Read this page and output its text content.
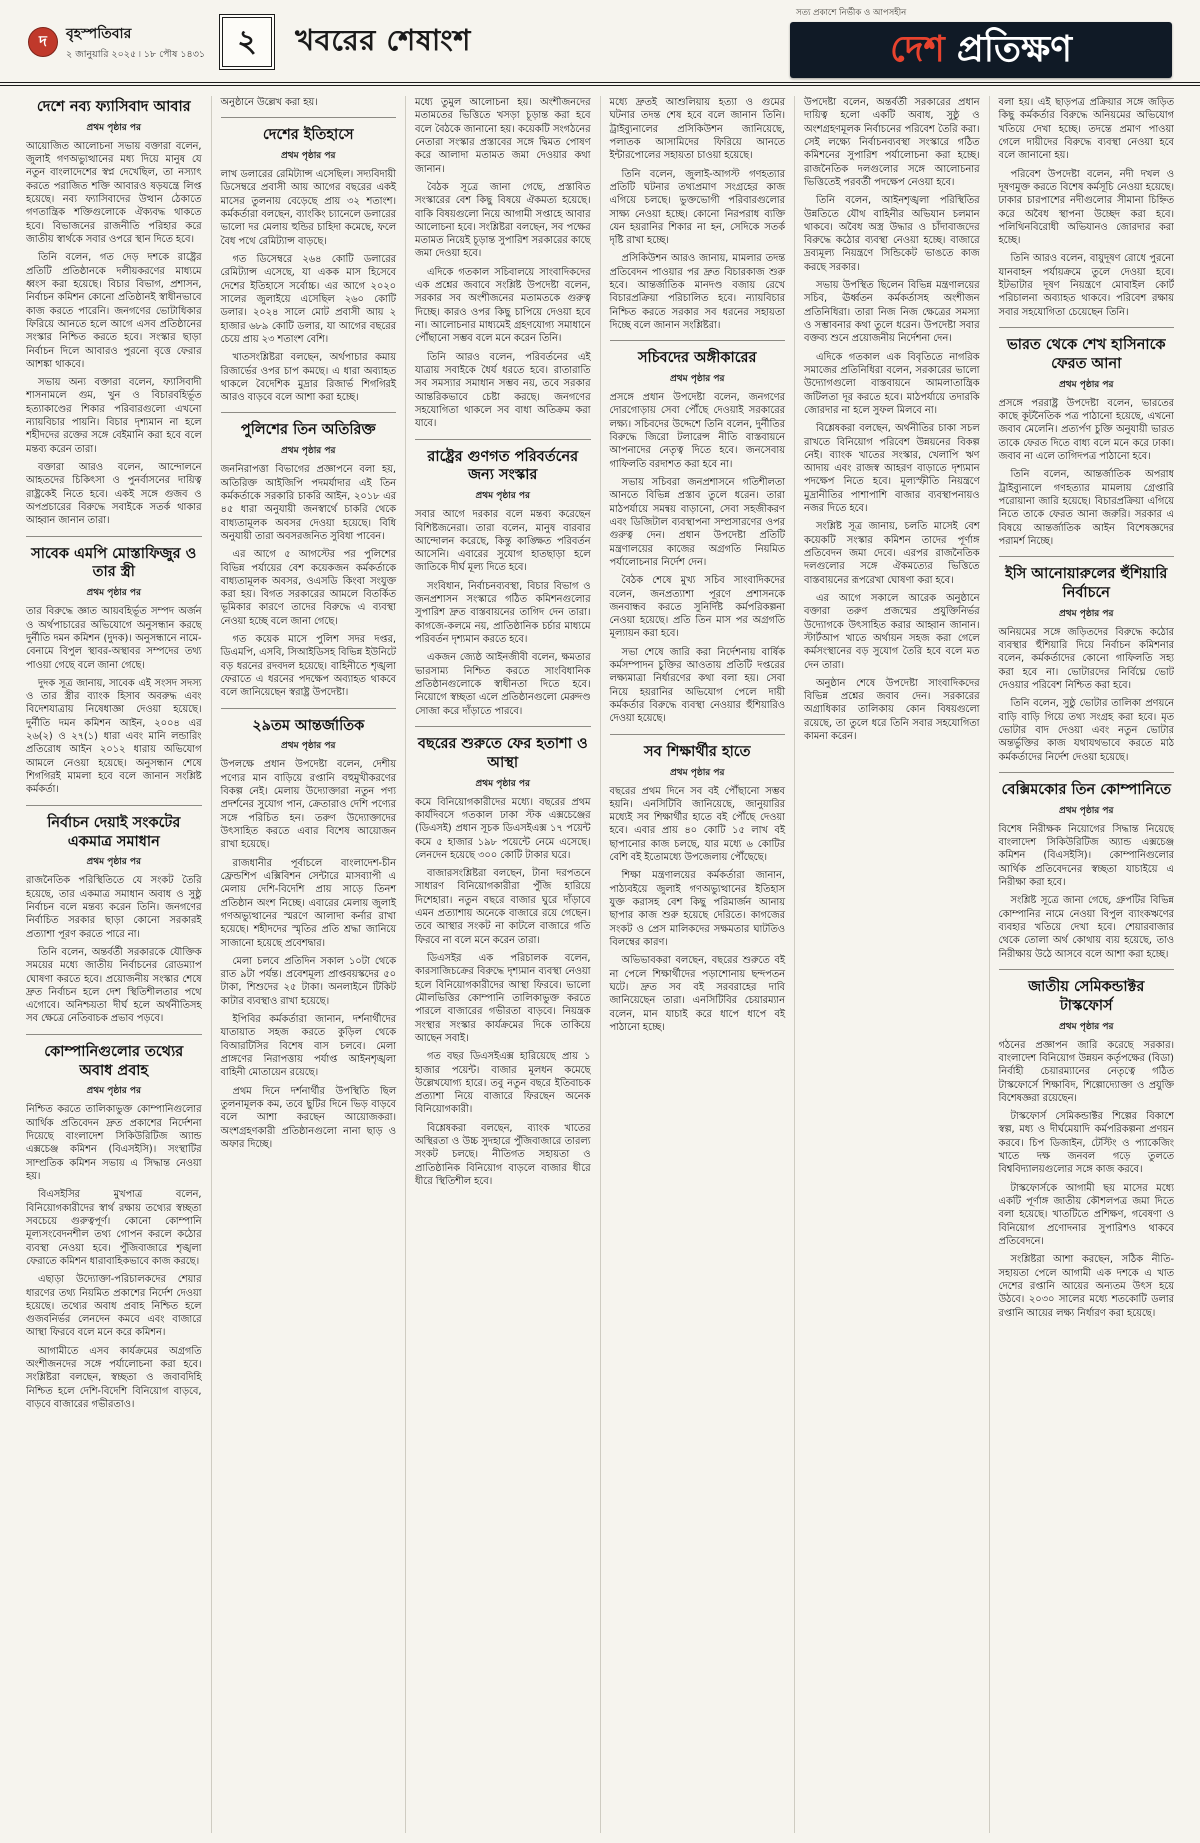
দ বৃহস্পতিবার
২ জানুয়ারি ২০২৫ ৷ ১৮ পৌষ ১৪৩১ ২ খবরের শেষাংশ
সত্য প্রকাশে নির্ভীক ও আপসহীন
দেশ প্রতিক্ষণ
দেশে নব্য ফ্যাসিবাদ আবার
প্রথম পৃষ্ঠার পর

আয়োজিত আলোচনা সভায় বক্তারা বলেন, জুলাই গণঅভ্যুত্থানের মধ্য দিয়ে মানুষ যে নতুন বাংলাদেশের স্বপ্ন দেখেছিল, তা নস্যাৎ করতে পরাজিত শক্তি আবারও ষড়যন্ত্রে লিপ্ত হয়েছে। নব্য ফ্যাসিবাদের উত্থান ঠেকাতে গণতান্ত্রিক শক্তিগুলোকে ঐক্যবদ্ধ থাকতে হবে। বিভাজনের রাজনীতি পরিহার করে জাতীয় স্বার্থকে সবার ওপরে স্থান দিতে হবে।

তিনি বলেন, গত দেড় দশকে রাষ্ট্রের প্রতিটি প্রতিষ্ঠানকে দলীয়করণের মাধ্যমে ধ্বংস করা হয়েছে। বিচার বিভাগ, প্রশাসন, নির্বাচন কমিশন কোনো প্রতিষ্ঠানই স্বাধীনভাবে কাজ করতে পারেনি। জনগণের ভোটাধিকার ফিরিয়ে আনতে হলে আগে এসব প্রতিষ্ঠানের সংস্কার নিশ্চিত করতে হবে। সংস্কার ছাড়া নির্বাচন দিলে আবারও পুরনো বৃত্তে ফেরার আশঙ্কা থাকবে।

সভায় অন্য বক্তারা বলেন, ফ্যাসিবাদী শাসনামলে গুম, খুন ও বিচারবহির্ভূত হত্যাকাণ্ডের শিকার পরিবারগুলো এখনো ন্যায়বিচার পায়নি। বিচার দৃশ্যমান না হলে শহীদদের রক্তের সঙ্গে বেইমানি করা হবে বলে মন্তব্য করেন তারা।

বক্তারা আরও বলেন, আন্দোলনে আহতদের চিকিৎসা ও পুনর্বাসনের দায়িত্ব রাষ্ট্রকেই নিতে হবে। একই সঙ্গে গুজব ও অপপ্রচারের বিরুদ্ধে সবাইকে সতর্ক থাকার আহ্বান জানান তারা।

সাবেক এমপি মোস্তাফিজুর ও তার স্ত্রী
প্রথম পৃষ্ঠার পর

তার বিরুদ্ধে জ্ঞাত আয়বহির্ভূত সম্পদ অর্জন ও অর্থপাচারের অভিযোগে অনুসন্ধান করছে দুর্নীতি দমন কমিশন (দুদক)। অনুসন্ধানে নামে-বেনামে বিপুল স্থাবর-অস্থাবর সম্পদের তথ্য পাওয়া গেছে বলে জানা গেছে।

দুদক সূত্র জানায়, সাবেক এই সংসদ সদস্য ও তার স্ত্রীর ব্যাংক হিসাব অবরুদ্ধ এবং বিদেশযাত্রায় নিষেধাজ্ঞা দেওয়া হয়েছে। দুর্নীতি দমন কমিশন আইন, ২০০৪ এর ২৬(২) ও ২৭(১) ধারা এবং মানি লন্ডারিং প্রতিরোধ আইন ২০১২ ধারায় অভিযোগ আমলে নেওয়া হয়েছে। অনুসন্ধান শেষে শিগগিরই মামলা হবে বলে জানান সংশ্লিষ্ট কর্মকর্তা।

নির্বাচন দেয়াই সংকটের একমাত্র সমাধান
প্রথম পৃষ্ঠার পর

রাজনৈতিক পরিস্থিতিতে যে সংকট তৈরি হয়েছে, তার একমাত্র সমাধান অবাধ ও সুষ্ঠু নির্বাচন বলে মন্তব্য করেন তিনি। জনগণের নির্বাচিত সরকার ছাড়া কোনো সরকারই প্রত্যাশা পূরণ করতে পারে না।

তিনি বলেন, অন্তর্বর্তী সরকারকে যৌক্তিক সময়ের মধ্যে জাতীয় নির্বাচনের রোডম্যাপ ঘোষণা করতে হবে। প্রয়োজনীয় সংস্কার শেষে দ্রুত নির্বাচন হলে দেশ স্থিতিশীলতার পথে এগোবে। অনিশ্চয়তা দীর্ঘ হলে অর্থনীতিসহ সব ক্ষেত্রে নেতিবাচক প্রভাব পড়বে।

কোম্পানিগুলোর তথ্যের অবাধ প্রবাহ
প্রথম পৃষ্ঠার পর

নিশ্চিত করতে তালিকাভুক্ত কোম্পানিগুলোর আর্থিক প্রতিবেদন দ্রুত প্রকাশের নির্দেশনা দিয়েছে বাংলাদেশ সিকিউরিটিজ অ্যান্ড এক্সচেঞ্জ কমিশন (বিএসইসি)। সংস্থাটির সাম্প্রতিক কমিশন সভায় এ সিদ্ধান্ত নেওয়া হয়।

বিএসইসির মুখপাত্র বলেন, বিনিয়োগকারীদের স্বার্থ রক্ষায় তথ্যের স্বচ্ছতা সবচেয়ে গুরুত্বপূর্ণ। কোনো কোম্পানি মূল্যসংবেদনশীল তথ্য গোপন করলে কঠোর ব্যবস্থা নেওয়া হবে। পুঁজিবাজারে শৃঙ্খলা ফেরাতে কমিশন ধারাবাহিকভাবে কাজ করছে।

এছাড়া উদ্যোক্তা-পরিচালকদের শেয়ার ধারণের তথ্য নিয়মিত প্রকাশের নির্দেশ দেওয়া হয়েছে। তথ্যের অবাধ প্রবাহ নিশ্চিত হলে গুজবনির্ভর লেনদেন কমবে এবং বাজারে আস্থা ফিরবে বলে মনে করে কমিশন।

আগামীতে এসব কার্যক্রমের অগ্রগতি অংশীজনদের সঙ্গে পর্যালোচনা করা হবে। সংশ্লিষ্টরা বলছেন, স্বচ্ছতা ও জবাবদিহি নিশ্চিত হলে দেশি-বিদেশি বিনিয়োগ বাড়বে, বাড়বে বাজারের গভীরতাও।

অনুষ্ঠানে উল্লেখ করা হয়।

দেশের ইতিহাসে
প্রথম পৃষ্ঠার পর

লাখ ডলারের রেমিট্যান্স এসেছিল। সদ্যবিদায়ী ডিসেম্বরে প্রবাসী আয় আগের বছরের একই মাসের তুলনায় বেড়েছে প্রায় ৩২ শতাংশ। কর্মকর্তারা বলছেন, ব্যাংকিং চ্যানেলে ডলারের ভালো দর মেলায় হুন্ডির চাহিদা কমেছে, ফলে বৈধ পথে রেমিট্যান্স বাড়ছে।

গত ডিসেম্বরে ২৬৪ কোটি ডলারের রেমিট্যান্স এসেছে, যা একক মাস হিসেবে দেশের ইতিহাসে সর্বোচ্চ। এর আগে ২০২০ সালের জুলাইয়ে এসেছিল ২৬০ কোটি ডলার। ২০২৪ সালে মোট প্রবাসী আয় ২ হাজার ৬৮৯ কোটি ডলার, যা আগের বছরের চেয়ে প্রায় ২৩ শতাংশ বেশি।

খাতসংশ্লিষ্টরা বলছেন, অর্থপাচার কমায় রিজার্ভের ওপর চাপ কমছে। এ ধারা অব্যাহত থাকলে বৈদেশিক মুদ্রার রিজার্ভ শিগগিরই আরও বাড়বে বলে আশা করা হচ্ছে।

পুলিশের তিন অতিরিক্ত
প্রথম পৃষ্ঠার পর

জননিরাপত্তা বিভাগের প্রজ্ঞাপনে বলা হয়, অতিরিক্ত আইজিপি পদমর্যাদার এই তিন কর্মকর্তাকে সরকারি চাকরি আইন, ২০১৮ এর ৪৫ ধারা অনুযায়ী জনস্বার্থে চাকরি থেকে বাধ্যতামূলক অবসর দেওয়া হয়েছে। বিধি অনুযায়ী তারা অবসরজনিত সুবিধা পাবেন।

এর আগে ৫ আগস্টের পর পুলিশের বিভিন্ন পর্যায়ের বেশ কয়েকজন কর্মকর্তাকে বাধ্যতামূলক অবসর, ওএসডি কিংবা সংযুক্ত করা হয়। বিগত সরকারের আমলে বিতর্কিত ভূমিকার কারণে তাদের বিরুদ্ধে এ ব্যবস্থা নেওয়া হচ্ছে বলে জানা গেছে।

গত কয়েক মাসে পুলিশ সদর দপ্তর, ডিএমপি, এসবি, সিআইডিসহ বিভিন্ন ইউনিটে বড় ধরনের রদবদল হয়েছে। বাহিনীতে শৃঙ্খলা ফেরাতে এ ধরনের পদক্ষেপ অব্যাহত থাকবে বলে জানিয়েছেন স্বরাষ্ট্র উপদেষ্টা।

২৯তম আন্তর্জাতিক
প্রথম পৃষ্ঠার পর

উপলক্ষে প্রধান উপদেষ্টা বলেন, দেশীয় পণ্যের মান বাড়িয়ে রপ্তানি বহুমুখীকরণের বিকল্প নেই। মেলায় উদ্যোক্তারা নতুন পণ্য প্রদর্শনের সুযোগ পান, ক্রেতারাও দেশি পণ্যের সঙ্গে পরিচিত হন। তরুণ উদ্যোক্তাদের উৎসাহিত করতে এবার বিশেষ আয়োজন রাখা হয়েছে।

রাজধানীর পূর্বাচলে বাংলাদেশ-চীন ফ্রেন্ডশিপ এক্সিবিশন সেন্টারে মাসব্যাপী এ মেলায় দেশি-বিদেশি প্রায় সাড়ে তিনশ প্রতিষ্ঠান অংশ নিচ্ছে। এবারের মেলায় জুলাই গণঅভ্যুত্থানের স্মরণে আলাদা কর্নার রাখা হয়েছে। শহীদদের স্মৃতির প্রতি শ্রদ্ধা জানিয়ে সাজানো হয়েছে প্রবেশদ্বার।

মেলা চলবে প্রতিদিন সকাল ১০টা থেকে রাত ৯টা পর্যন্ত। প্রবেশমূল্য প্রাপ্তবয়স্কদের ৫০ টাকা, শিশুদের ২৫ টাকা। অনলাইনে টিকিট কাটার ব্যবস্থাও রাখা হয়েছে।

ইপিবির কর্মকর্তারা জানান, দর্শনার্থীদের যাতায়াত সহজ করতে কুড়িল থেকে বিআরটিসির বিশেষ বাস চলবে। মেলা প্রাঙ্গণের নিরাপত্তায় পর্যাপ্ত আইনশৃঙ্খলা বাহিনী মোতায়েন রয়েছে।

প্রথম দিনে দর্শনার্থীর উপস্থিতি ছিল তুলনামূলক কম, তবে ছুটির দিনে ভিড় বাড়বে বলে আশা করছেন আয়োজকরা। অংশগ্রহণকারী প্রতিষ্ঠানগুলো নানা ছাড় ও অফার দিচ্ছে।

মধ্যে তুমুল আলোচনা হয়। অংশীজনদের মতামতের ভিত্তিতে খসড়া চূড়ান্ত করা হবে বলে বৈঠকে জানানো হয়। কয়েকটি সংগঠনের নেতারা সংস্কার প্রস্তাবের সঙ্গে দ্বিমত পোষণ করে আলাদা মতামত জমা দেওয়ার কথা জানান।

বৈঠক সূত্রে জানা গেছে, প্রস্তাবিত সংস্কারের বেশ কিছু বিষয়ে ঐকমত্য হয়েছে। বাকি বিষয়গুলো নিয়ে আগামী সপ্তাহে আবার আলোচনা হবে। সংশ্লিষ্টরা বলছেন, সব পক্ষের মতামত নিয়েই চূড়ান্ত সুপারিশ সরকারের কাছে জমা দেওয়া হবে।

এদিকে গতকাল সচিবালয়ে সাংবাদিকদের এক প্রশ্নের জবাবে সংশ্লিষ্ট উপদেষ্টা বলেন, সরকার সব অংশীজনের মতামতকে গুরুত্ব দিচ্ছে। কারও ওপর কিছু চাপিয়ে দেওয়া হবে না। আলোচনার মাধ্যমেই গ্রহণযোগ্য সমাধানে পৌঁছানো সম্ভব বলে মনে করেন তিনি।

তিনি আরও বলেন, পরিবর্তনের এই যাত্রায় সবাইকে ধৈর্য ধরতে হবে। রাতারাতি সব সমস্যার সমাধান সম্ভব নয়, তবে সরকার আন্তরিকভাবে চেষ্টা করছে। জনগণের সহযোগিতা থাকলে সব বাধা অতিক্রম করা যাবে।

রাষ্ট্রের গুণগত পরিবর্তনের জন্য সংস্কার
প্রথম পৃষ্ঠার পর

সবার আগে দরকার বলে মন্তব্য করেছেন বিশিষ্টজনেরা। তারা বলেন, মানুষ বারবার আন্দোলন করেছে, কিন্তু কাঙ্ক্ষিত পরিবর্তন আসেনি। এবারের সুযোগ হাতছাড়া হলে জাতিকে দীর্ঘ মূল্য দিতে হবে।

সংবিধান, নির্বাচনব্যবস্থা, বিচার বিভাগ ও জনপ্রশাসন সংস্কারে গঠিত কমিশনগুলোর সুপারিশ দ্রুত বাস্তবায়নের তাগিদ দেন তারা। কাগজে-কলমে নয়, প্রাতিষ্ঠানিক চর্চার মাধ্যমে পরিবর্তন দৃশ্যমান করতে হবে।

একজন জ্যেষ্ঠ আইনজীবী বলেন, ক্ষমতার ভারসাম্য নিশ্চিত করতে সাংবিধানিক প্রতিষ্ঠানগুলোকে স্বাধীনতা দিতে হবে। নিয়োগে স্বচ্ছতা এলে প্রতিষ্ঠানগুলো মেরুদণ্ড সোজা করে দাঁড়াতে পারবে।

বছরের শুরুতে ফের হতাশা ও আস্থা
প্রথম পৃষ্ঠার পর

কমে বিনিয়োগকারীদের মধ্যে। বছরের প্রথম কার্যদিবসে গতকাল ঢাকা স্টক এক্সচেঞ্জের (ডিএসই) প্রধান সূচক ডিএসইএক্স ১৭ পয়েন্ট কমে ৫ হাজার ১৯৮ পয়েন্টে নেমে এসেছে। লেনদেন হয়েছে ৩০০ কোটি টাকার ঘরে।

বাজারসংশ্লিষ্টরা বলছেন, টানা দরপতনে সাধারণ বিনিয়োগকারীরা পুঁজি হারিয়ে দিশেহারা। নতুন বছরে বাজার ঘুরে দাঁড়াবে এমন প্রত্যাশায় অনেকে বাজারে রয়ে গেছেন। তবে আস্থার সংকট না কাটলে বাজারে গতি ফিরবে না বলে মনে করেন তারা।

ডিএসইর এক পরিচালক বলেন, কারসাজিচক্রের বিরুদ্ধে দৃশ্যমান ব্যবস্থা নেওয়া হলে বিনিয়োগকারীদের আস্থা ফিরবে। ভালো মৌলভিত্তির কোম্পানি তালিকাভুক্ত করতে পারলে বাজারের গভীরতা বাড়বে। নিয়ন্ত্রক সংস্থার সংস্কার কার্যক্রমের দিকে তাকিয়ে আছেন সবাই।

গত বছর ডিএসইএক্স হারিয়েছে প্রায় ১ হাজার পয়েন্ট। বাজার মূলধন কমেছে উল্লেখযোগ্য হারে। তবু নতুন বছরে ইতিবাচক প্রত্যাশা নিয়ে বাজারে ফিরছেন অনেক বিনিয়োগকারী।

বিশ্লেষকরা বলছেন, ব্যাংক খাতের অস্থিরতা ও উচ্চ সুদহারে পুঁজিবাজারে তারল্য সংকট চলছে। নীতিগত সহায়তা ও প্রাতিষ্ঠানিক বিনিয়োগ বাড়লে বাজার ধীরে ধীরে স্থিতিশীল হবে।

মধ্যে দ্রুতই আশুলিয়ায় হত্যা ও গুমের ঘটনার তদন্ত শেষ হবে বলে জানান তিনি। ট্রাইব্যুনালের প্রসিকিউশন জানিয়েছে, পলাতক আসামিদের ফিরিয়ে আনতে ইন্টারপোলের সহায়তা চাওয়া হয়েছে।

তিনি বলেন, জুলাই-আগস্ট গণহত্যার প্রতিটি ঘটনার তথ্যপ্রমাণ সংগ্রহের কাজ এগিয়ে চলছে। ভুক্তভোগী পরিবারগুলোর সাক্ষ্য নেওয়া হচ্ছে। কোনো নিরপরাধ ব্যক্তি যেন হয়রানির শিকার না হন, সেদিকে সতর্ক দৃষ্টি রাখা হচ্ছে।

প্রসিকিউশন আরও জানায়, মামলার তদন্ত প্রতিবেদন পাওয়ার পর দ্রুত বিচারকাজ শুরু হবে। আন্তর্জাতিক মানদণ্ড বজায় রেখে বিচারপ্রক্রিয়া পরিচালিত হবে। ন্যায়বিচার নিশ্চিত করতে সরকার সব ধরনের সহায়তা দিচ্ছে বলে জানান সংশ্লিষ্টরা।

সচিবদের অঙ্গীকারের
প্রথম পৃষ্ঠার পর

প্রসঙ্গে প্রধান উপদেষ্টা বলেন, জনগণের দোরগোড়ায় সেবা পৌঁছে দেওয়াই সরকারের লক্ষ্য। সচিবদের উদ্দেশে তিনি বলেন, দুর্নীতির বিরুদ্ধে জিরো টলারেন্স নীতি বাস্তবায়নে আপনাদের নেতৃত্ব দিতে হবে। জনসেবায় গাফিলতি বরদাশত করা হবে না।

সভায় সচিবরা জনপ্রশাসনে গতিশীলতা আনতে বিভিন্ন প্রস্তাব তুলে ধরেন। তারা মাঠপর্যায়ে সমন্বয় বাড়ানো, সেবা সহজীকরণ এবং ডিজিটাল ব্যবস্থাপনা সম্প্রসারণের ওপর গুরুত্ব দেন। প্রধান উপদেষ্টা প্রতিটি মন্ত্রণালয়ের কাজের অগ্রগতি নিয়মিত পর্যালোচনার নির্দেশ দেন।

বৈঠক শেষে মুখ্য সচিব সাংবাদিকদের বলেন, জনপ্রত্যাশা পূরণে প্রশাসনকে জনবান্ধব করতে সুনির্দিষ্ট কর্মপরিকল্পনা নেওয়া হয়েছে। প্রতি তিন মাস পর অগ্রগতি মূল্যায়ন করা হবে।

সভা শেষে জারি করা নির্দেশনায় বার্ষিক কর্মসম্পাদন চুক্তির আওতায় প্রতিটি দপ্তরের লক্ষ্যমাত্রা নির্ধারণের কথা বলা হয়। সেবা নিয়ে হয়রানির অভিযোগ পেলে দায়ী কর্মকর্তার বিরুদ্ধে ব্যবস্থা নেওয়ার হুঁশিয়ারিও দেওয়া হয়েছে।

সব শিক্ষার্থীর হাতে
প্রথম পৃষ্ঠার পর

বছরের প্রথম দিনে সব বই পৌঁছানো সম্ভব হয়নি। এনসিটিবি জানিয়েছে, জানুয়ারির মধ্যেই সব শিক্ষার্থীর হাতে বই পৌঁছে দেওয়া হবে। এবার প্রায় ৪০ কোটি ১৫ লাখ বই ছাপানোর কাজ চলছে, যার মধ্যে ৬ কোটির বেশি বই ইতোমধ্যে উপজেলায় পৌঁছেছে।

শিক্ষা মন্ত্রণালয়ের কর্মকর্তারা জানান, পাঠ্যবইয়ে জুলাই গণঅভ্যুত্থানের ইতিহাস যুক্ত করাসহ বেশ কিছু পরিমার্জন আনায় ছাপার কাজ শুরু হয়েছে দেরিতে। কাগজের সংকট ও প্রেস মালিকদের সক্ষমতার ঘাটতিও বিলম্বের কারণ।

অভিভাবকরা বলছেন, বছরের শুরুতে বই না পেলে শিক্ষার্থীদের পড়াশোনায় ছন্দপতন ঘটে। দ্রুত সব বই সরবরাহের দাবি জানিয়েছেন তারা। এনসিটিবির চেয়ারম্যান বলেন, মান যাচাই করে ধাপে ধাপে বই পাঠানো হচ্ছে।

উপদেষ্টা বলেন, অন্তর্বর্তী সরকারের প্রধান দায়িত্ব হলো একটি অবাধ, সুষ্ঠু ও অংশগ্রহণমূলক নির্বাচনের পরিবেশ তৈরি করা। সেই লক্ষ্যে নির্বাচনব্যবস্থা সংস্কারে গঠিত কমিশনের সুপারিশ পর্যালোচনা করা হচ্ছে। রাজনৈতিক দলগুলোর সঙ্গে আলোচনার ভিত্তিতেই পরবর্তী পদক্ষেপ নেওয়া হবে।

তিনি বলেন, আইনশৃঙ্খলা পরিস্থিতির উন্নতিতে যৌথ বাহিনীর অভিযান চলমান থাকবে। অবৈধ অস্ত্র উদ্ধার ও চাঁদাবাজদের বিরুদ্ধে কঠোর ব্যবস্থা নেওয়া হচ্ছে। বাজারে দ্রব্যমূল্য নিয়ন্ত্রণে সিন্ডিকেট ভাঙতে কাজ করছে সরকার।

সভায় উপস্থিত ছিলেন বিভিন্ন মন্ত্রণালয়ের সচিব, ঊর্ধ্বতন কর্মকর্তাসহ অংশীজন প্রতিনিধিরা। তারা নিজ নিজ ক্ষেত্রের সমস্যা ও সম্ভাবনার কথা তুলে ধরেন। উপদেষ্টা সবার বক্তব্য শুনে প্রয়োজনীয় নির্দেশনা দেন।

এদিকে গতকাল এক বিবৃতিতে নাগরিক সমাজের প্রতিনিধিরা বলেন, সরকারের ভালো উদ্যোগগুলো বাস্তবায়নে আমলাতান্ত্রিক জটিলতা দূর করতে হবে। মাঠপর্যায়ে তদারকি জোরদার না হলে সুফল মিলবে না।

বিশ্লেষকরা বলছেন, অর্থনীতির চাকা সচল রাখতে বিনিয়োগ পরিবেশ উন্নয়নের বিকল্প নেই। ব্যাংক খাতের সংস্কার, খেলাপি ঋণ আদায় এবং রাজস্ব আহরণ বাড়াতে দৃশ্যমান পদক্ষেপ নিতে হবে। মূল্যস্ফীতি নিয়ন্ত্রণে মুদ্রানীতির পাশাপাশি বাজার ব্যবস্থাপনায়ও নজর দিতে হবে।

সংশ্লিষ্ট সূত্র জানায়, চলতি মাসেই বেশ কয়েকটি সংস্কার কমিশন তাদের পূর্ণাঙ্গ প্রতিবেদন জমা দেবে। এরপর রাজনৈতিক দলগুলোর সঙ্গে ঐকমত্যের ভিত্তিতে বাস্তবায়নের রূপরেখা ঘোষণা করা হবে।

এর আগে সকালে আরেক অনুষ্ঠানে বক্তারা তরুণ প্রজন্মের প্রযুক্তিনির্ভর উদ্যোগকে উৎসাহিত করার আহ্বান জানান। স্টার্টআপ খাতে অর্থায়ন সহজ করা গেলে কর্মসংস্থানের বড় সুযোগ তৈরি হবে বলে মত দেন তারা।

অনুষ্ঠান শেষে উপদেষ্টা সাংবাদিকদের বিভিন্ন প্রশ্নের জবাব দেন। সরকারের অগ্রাধিকার তালিকায় কোন বিষয়গুলো রয়েছে, তা তুলে ধরে তিনি সবার সহযোগিতা কামনা করেন।

বলা হয়। এই ছাড়পত্র প্রক্রিয়ার সঙ্গে জড়িত কিছু কর্মকর্তার বিরুদ্ধে অনিয়মের অভিযোগ খতিয়ে দেখা হচ্ছে। তদন্তে প্রমাণ পাওয়া গেলে দায়ীদের বিরুদ্ধে ব্যবস্থা নেওয়া হবে বলে জানানো হয়।

পরিবেশ উপদেষ্টা বলেন, নদী দখল ও দূষণমুক্ত করতে বিশেষ কর্মসূচি নেওয়া হয়েছে। ঢাকার চারপাশের নদীগুলোর সীমানা চিহ্নিত করে অবৈধ স্থাপনা উচ্ছেদ করা হবে। পলিথিনবিরোধী অভিযানও জোরদার করা হচ্ছে।

তিনি আরও বলেন, বায়ুদূষণ রোধে পুরনো যানবাহন পর্যায়ক্রমে তুলে দেওয়া হবে। ইটভাটার দূষণ নিয়ন্ত্রণে মোবাইল কোর্ট পরিচালনা অব্যাহত থাকবে। পরিবেশ রক্ষায় সবার সহযোগিতা চেয়েছেন তিনি।

ভারত থেকে শেখ হাসিনাকে ফেরত আনা
প্রথম পৃষ্ঠার পর

প্রসঙ্গে পররাষ্ট্র উপদেষ্টা বলেন, ভারতের কাছে কূটনৈতিক পত্র পাঠানো হয়েছে, এখনো জবাব মেলেনি। প্রত্যর্পণ চুক্তি অনুযায়ী ভারত তাকে ফেরত দিতে বাধ্য বলে মনে করে ঢাকা। জবাব না এলে তাগিদপত্র পাঠানো হবে।

তিনি বলেন, আন্তর্জাতিক অপরাধ ট্রাইব্যুনালে গণহত্যার মামলায় গ্রেপ্তারি পরোয়ানা জারি হয়েছে। বিচারপ্রক্রিয়া এগিয়ে নিতে তাকে ফেরত আনা জরুরি। সরকার এ বিষয়ে আন্তর্জাতিক আইন বিশেষজ্ঞদের পরামর্শ নিচ্ছে।

ইসি আনোয়ারুলের হুঁশিয়ারি নির্বাচনে
প্রথম পৃষ্ঠার পর

অনিয়মের সঙ্গে জড়িতদের বিরুদ্ধে কঠোর ব্যবস্থার হুঁশিয়ারি দিয়ে নির্বাচন কমিশনার বলেন, কর্মকর্তাদের কোনো গাফিলতি সহ্য করা হবে না। ভোটারদের নির্বিঘ্নে ভোট দেওয়ার পরিবেশ নিশ্চিত করা হবে।

তিনি বলেন, সুষ্ঠু ভোটার তালিকা প্রণয়নে বাড়ি বাড়ি গিয়ে তথ্য সংগ্রহ করা হবে। মৃত ভোটার বাদ দেওয়া এবং নতুন ভোটার অন্তর্ভুক্তির কাজ যথাযথভাবে করতে মাঠ কর্মকর্তাদের নির্দেশ দেওয়া হয়েছে।

বেক্সিমকোর তিন কোম্পানিতে
প্রথম পৃষ্ঠার পর

বিশেষ নিরীক্ষক নিয়োগের সিদ্ধান্ত নিয়েছে বাংলাদেশ সিকিউরিটিজ অ্যান্ড এক্সচেঞ্জ কমিশন (বিএসইসি)। কোম্পানিগুলোর আর্থিক প্রতিবেদনের স্বচ্ছতা যাচাইয়ে এ নিরীক্ষা করা হবে।

সংশ্লিষ্ট সূত্রে জানা গেছে, গ্রুপটির বিভিন্ন কোম্পানির নামে নেওয়া বিপুল ব্যাংকঋণের ব্যবহার খতিয়ে দেখা হবে। শেয়ারবাজার থেকে তোলা অর্থ কোথায় ব্যয় হয়েছে, তাও নিরীক্ষায় উঠে আসবে বলে আশা করা হচ্ছে।

জাতীয় সেমিকন্ডাক্টর টাস্কফোর্স
প্রথম পৃষ্ঠার পর

গঠনের প্রজ্ঞাপন জারি করেছে সরকার। বাংলাদেশ বিনিয়োগ উন্নয়ন কর্তৃপক্ষের (বিডা) নির্বাহী চেয়ারম্যানের নেতৃত্বে গঠিত টাস্কফোর্সে শিক্ষাবিদ, শিল্পোদ্যোক্তা ও প্রযুক্তি বিশেষজ্ঞরা রয়েছেন।

টাস্কফোর্স সেমিকন্ডাক্টর শিল্পের বিকাশে স্বল্প, মধ্য ও দীর্ঘমেয়াদি কর্মপরিকল্পনা প্রণয়ন করবে। চিপ ডিজাইন, টেস্টিং ও প্যাকেজিং খাতে দক্ষ জনবল গড়ে তুলতে বিশ্ববিদ্যালয়গুলোর সঙ্গে কাজ করবে।

টাস্কফোর্সকে আগামী ছয় মাসের মধ্যে একটি পূর্ণাঙ্গ জাতীয় কৌশলপত্র জমা দিতে বলা হয়েছে। খাতটিতে প্রশিক্ষণ, গবেষণা ও বিনিয়োগ প্রণোদনার সুপারিশও থাকবে প্রতিবেদনে।

সংশ্লিষ্টরা আশা করছেন, সঠিক নীতি-সহায়তা পেলে আগামী এক দশকে এ খাত দেশের রপ্তানি আয়ের অন্যতম উৎস হয়ে উঠবে। ২০৩০ সালের মধ্যে শতকোটি ডলার রপ্তানি আয়ের লক্ষ্য নির্ধারণ করা হয়েছে।
